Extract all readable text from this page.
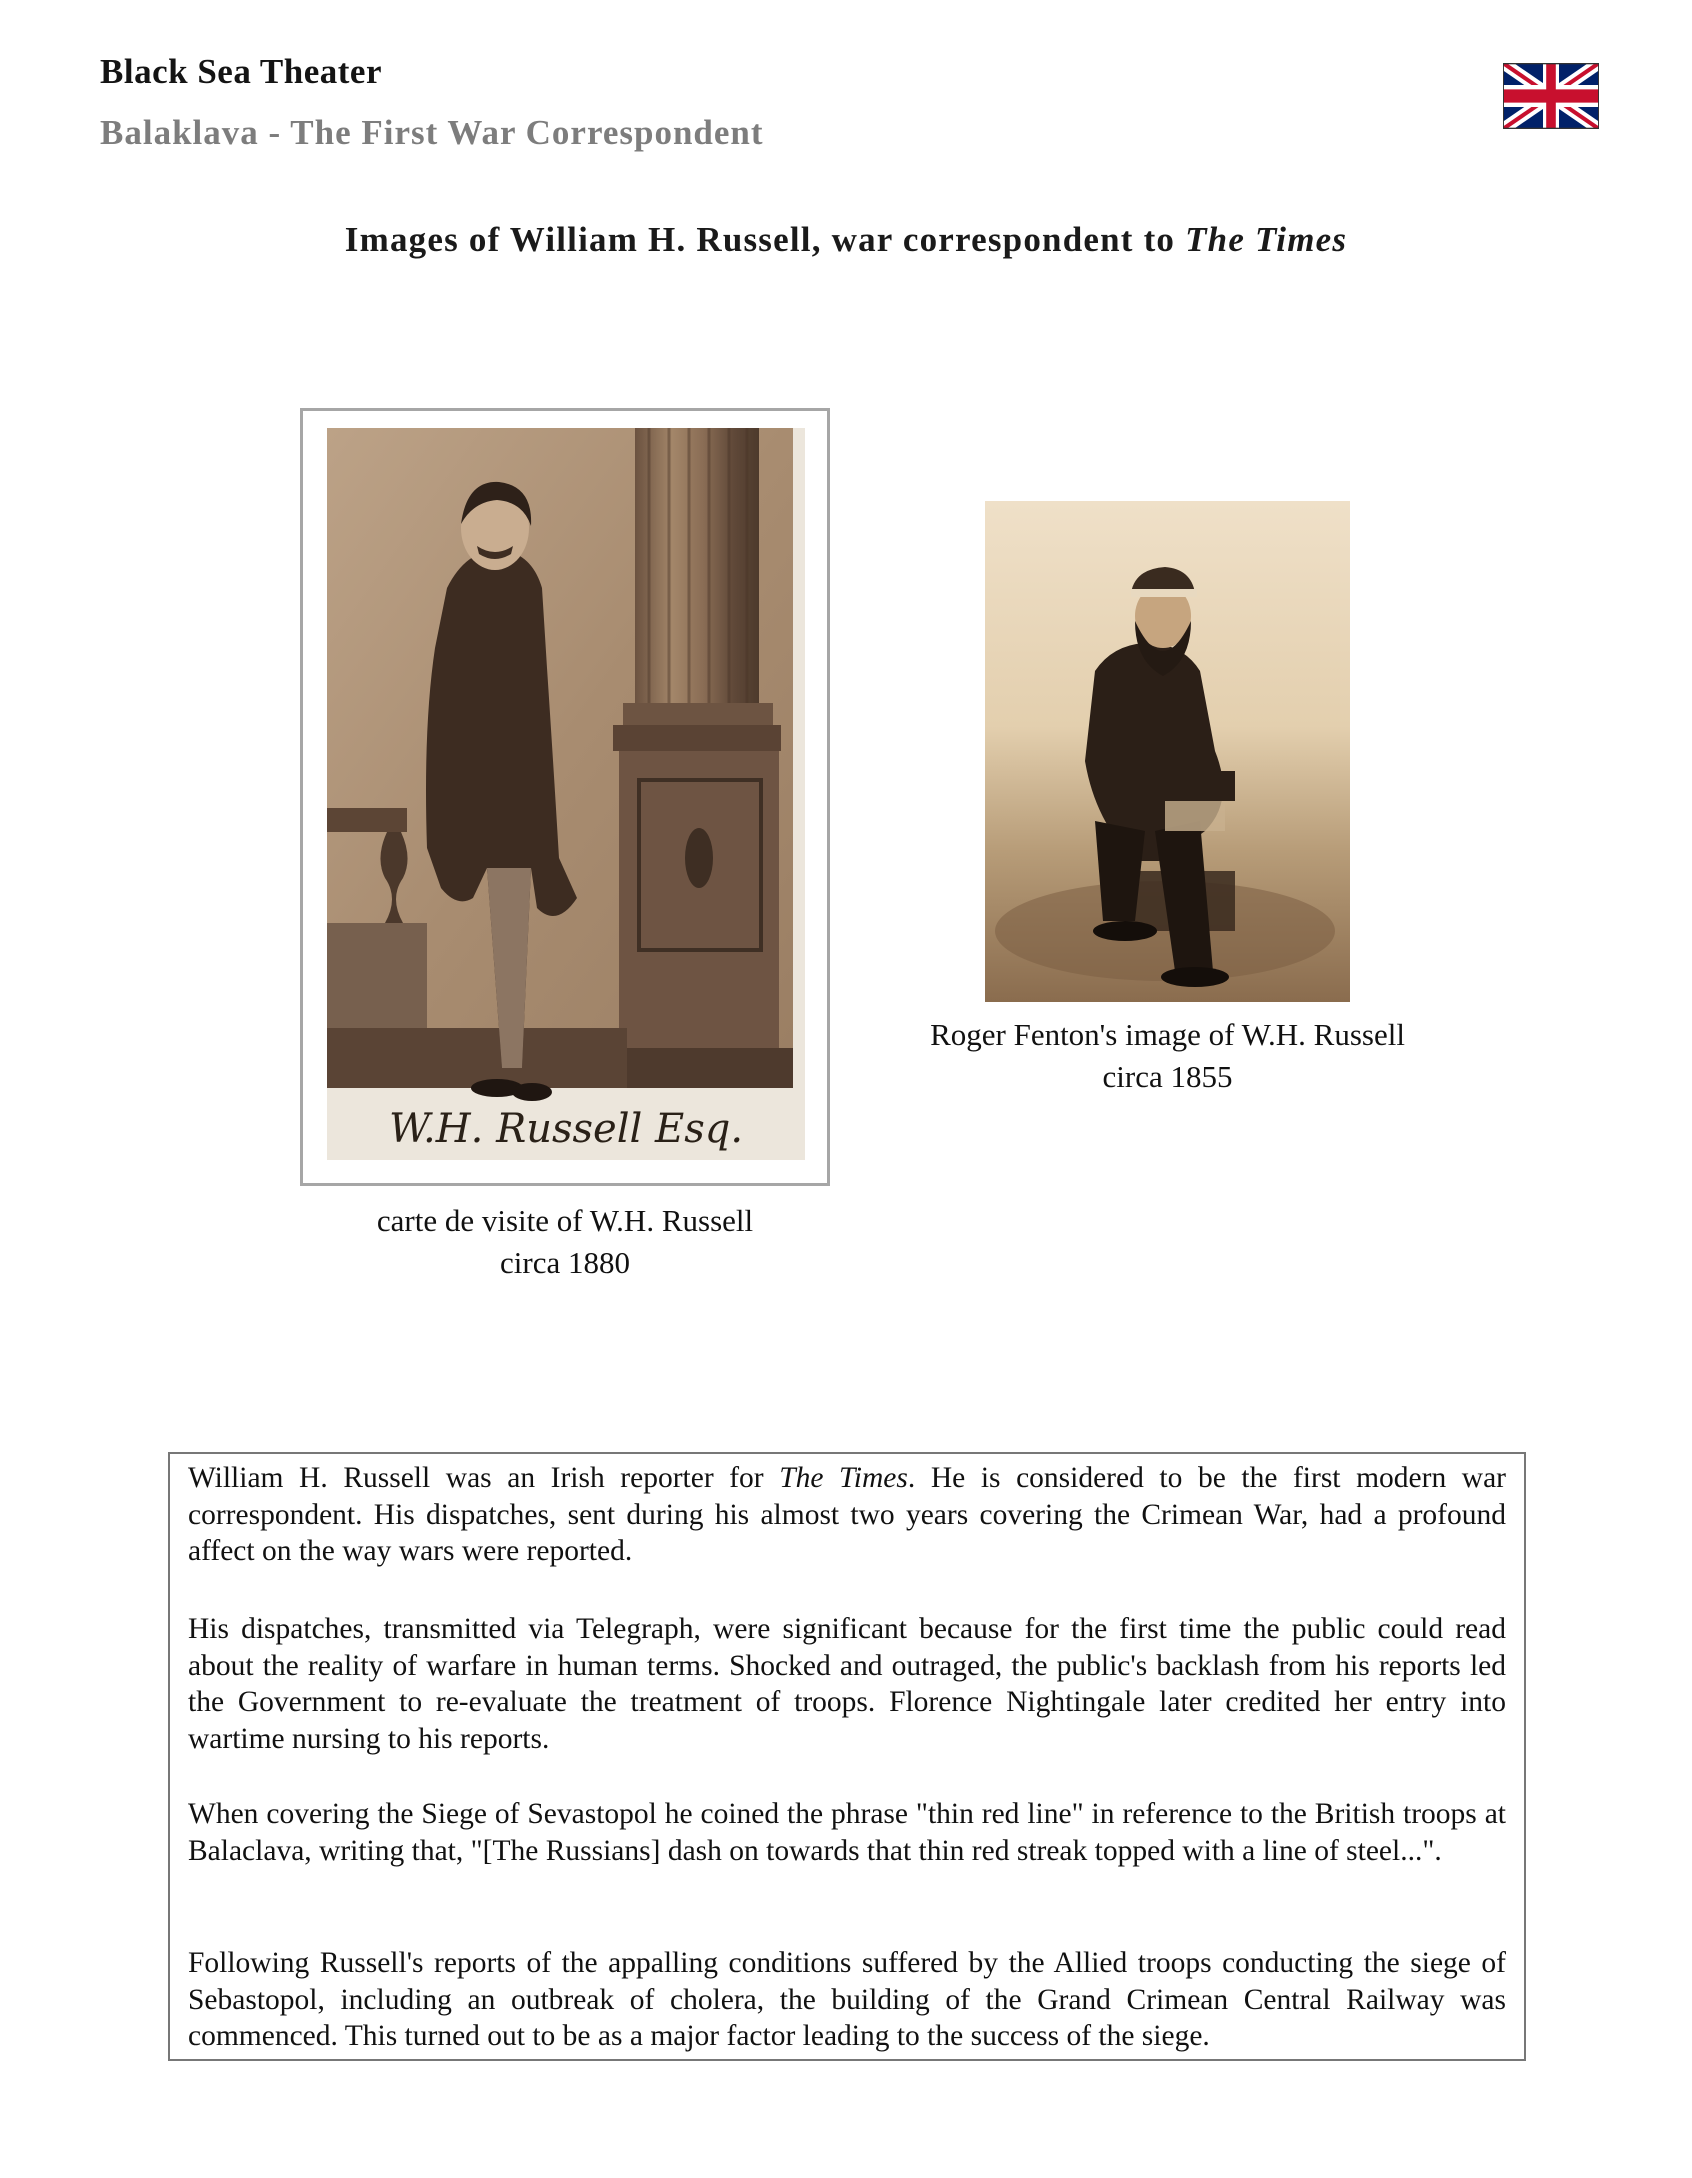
Black Sea Theater
Balaklava - The First War Correspondent
Images of William H. Russell, war correspondent to The Times
W.H. Russell Esq.
carte de visite of W.H. Russell
circa 1880
Roger Fenton's image of W.H. Russell
circa 1855
William H. Russell was an Irish reporter for The Times. He is considered to be the first modern war correspondent. His dispatches, sent during his almost two years covering the Crimean War, had a profound affect on the way wars were reported.
His dispatches, transmitted via Telegraph, were significant because for the first time the public could read about the reality of warfare in human terms. Shocked and outraged, the public's backlash from his reports led the Government to re-evaluate the treatment of troops. Florence Nightingale later credited her entry into wartime nursing to his reports.
When covering the Siege of Sevastopol he coined the phrase "thin red line" in reference to the British troops at Balaclava, writing that, "[The Russians] dash on towards that thin red streak topped with a line of steel...".
Following Russell's reports of the appalling conditions suffered by the Allied troops conducting the siege of Sebastopol, including an outbreak of cholera, the building of the Grand Crimean Central Railway was commenced. This turned out to be as a major factor leading to the success of the siege.
